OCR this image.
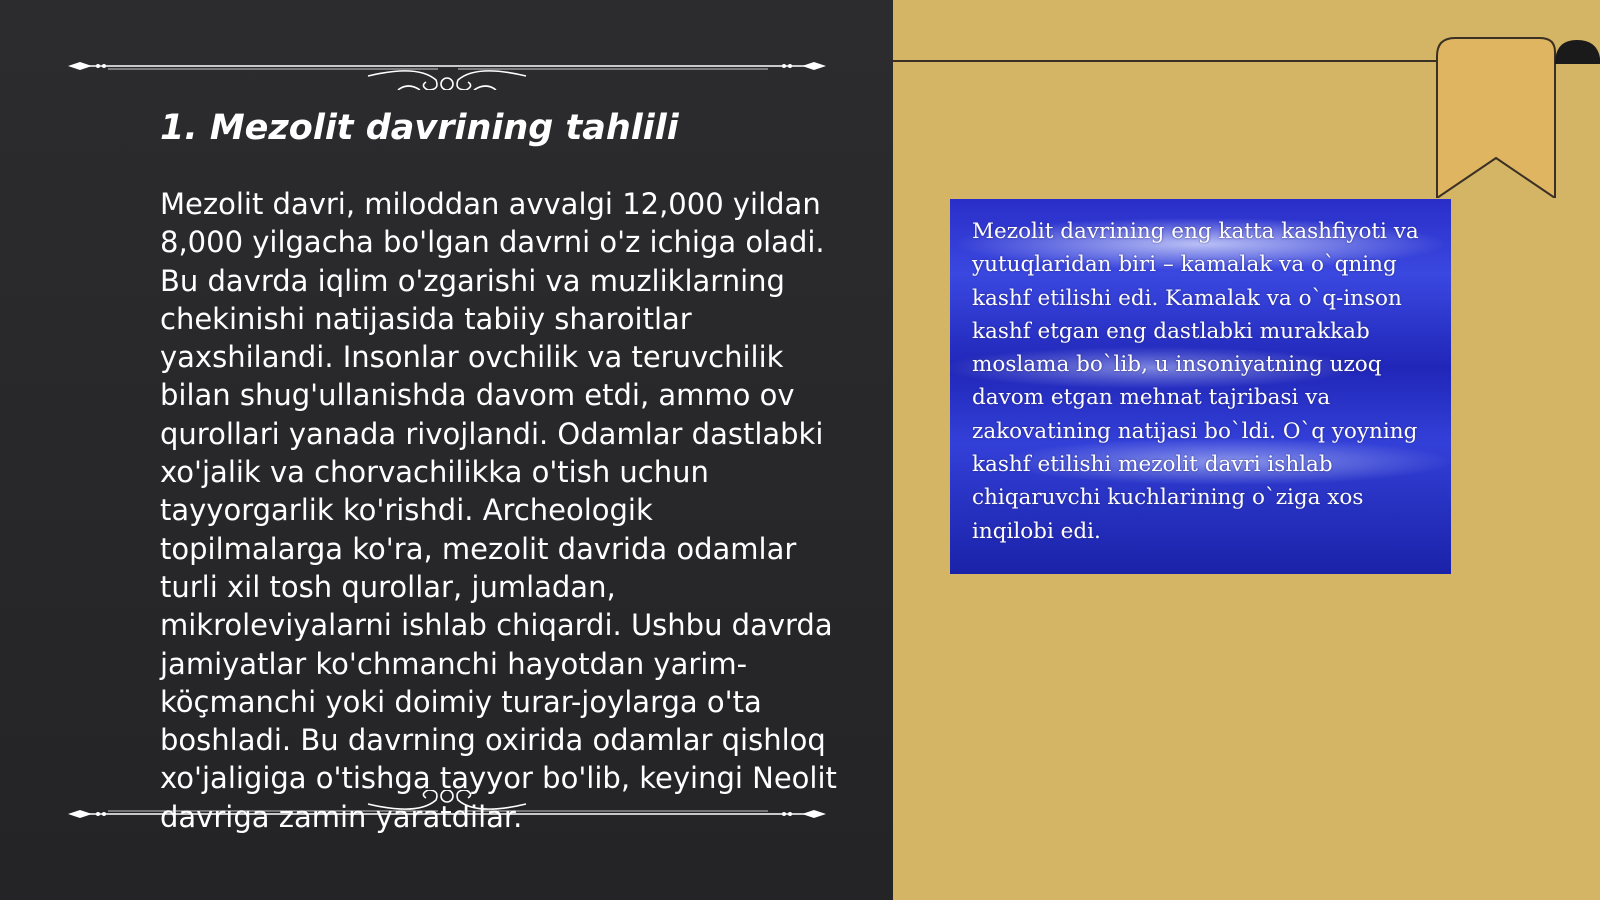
1. Mezolit davrining tahlili

Mezolit davri, miloddan avvalgi 12,000 yildan 8,000 yilgacha bo'lgan davrni o'z ichiga oladi. Bu davrda iqlim o'zgarishi va muzliklarning chekinishi natijasida tabiiy sharoitlar yaxshilandi. Insonlar ovchilik va teruvchilik bilan shug'ullanishda davom etdi, ammo ov qurollari yanada rivojlandi. Odamlar dastlabki xo'jalik va chorvachilikka o'tish uchun tayyorgarlik ko'rishdi. Archeologik topilmalarga ko'ra, mezolit davrida odamlar turli xil tosh qurollar, jumladan, mikroleviyalarni ishlab chiqardi. Ushbu davrda jamiyatlar ko'chmanchi hayotdan yarim-köçmanchi yoki doimiy turar-joylarga o'ta boshladi. Bu davrning oxirida odamlar qishloq xo'jaligiga o'tishga tayyor bo'lib, keyingi Neolit davriga zamin yaratdilar.

Mezolit davrining eng katta kashfiyoti va yutuqlaridan biri – kamalak va o`qning kashf etilishi edi. Kamalak va o`q-inson kashf etgan eng dastlabki murakkab moslama bo`lib, u insoniyatning uzoq davom etgan mehnat tajribasi va zakovatining natijasi bo`ldi. O`q yoyning kashf etilishi mezolit davri ishlab chiqaruvchi kuchlarining o`ziga xos inqilobi edi.
